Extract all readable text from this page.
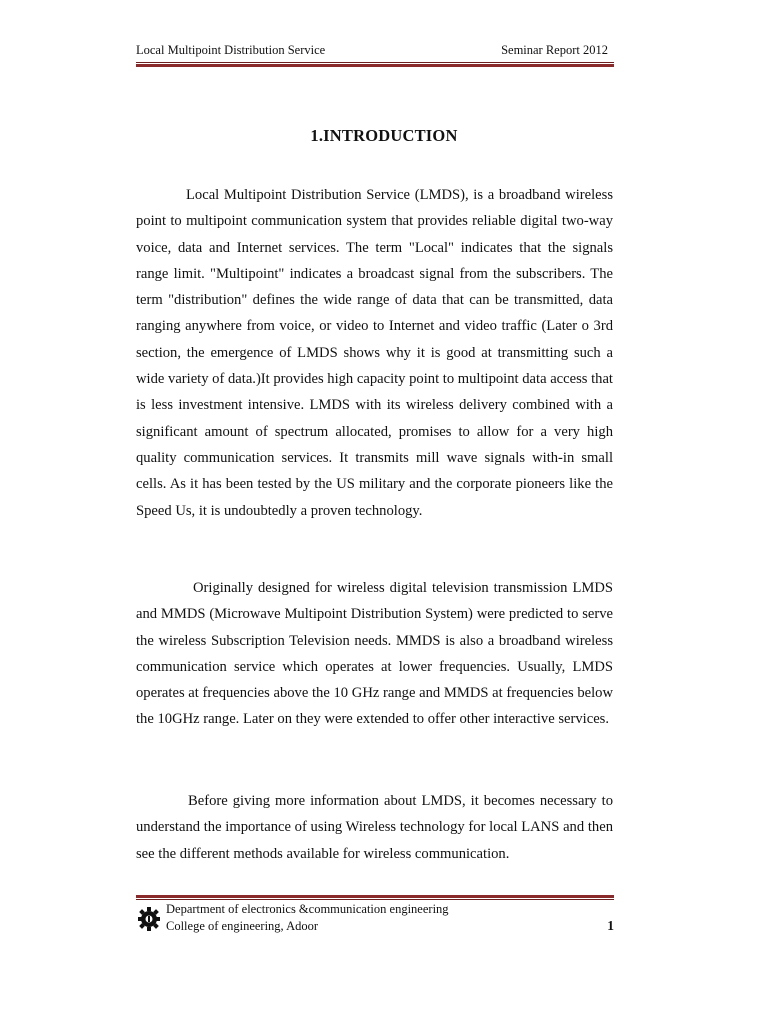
Local Multipoint Distribution Service	Seminar Report 2012
1.INTRODUCTION

Local Multipoint Distribution Service (LMDS), is a broadband wireless point to multipoint communication system that provides reliable digital two-way voice, data and Internet services. The term "Local" indicates that the signals range limit. "Multipoint" indicates a broadcast signal from the subscribers. The term "distribution" defines the wide range of data that can be transmitted, data ranging anywhere from voice, or video to Internet and video traffic (Later o 3rd section, the emergence of LMDS shows why it is good at transmitting such a wide variety of data.)It provides high capacity point to multipoint data access that is less investment intensive. LMDS with its wireless delivery combined with a significant amount of spectrum allocated, promises to allow for a very high quality communication services. It transmits mill wave signals with-in small cells. As it has been tested by the US military and the corporate pioneers like the Speed Us, it is undoubtedly a proven technology.

Originally designed for wireless digital television transmission LMDS and MMDS (Microwave Multipoint Distribution System) were predicted to serve the wireless Subscription Television needs. MMDS is also a broadband wireless communication service which operates at lower frequencies. Usually, LMDS operates at frequencies above the 10 GHz range and MMDS at frequencies below the 10GHz range. Later on they were extended to offer other interactive services.

Before giving more information about LMDS, it becomes necessary to understand the importance of using Wireless technology for local LANS and then see the different methods available for wireless communication.

Department of electronics &communication engineering
College of engineering, Adoor	1
